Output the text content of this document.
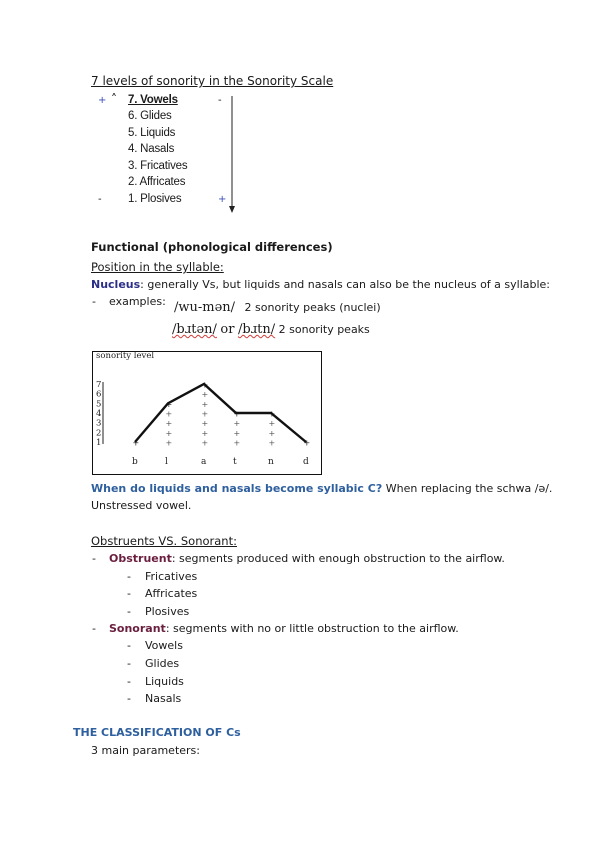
7 levels of sonority in the Sonority Scale
+ ˄	-
7. Vowels
6. Glides
5. Liquids
4. Nasals
3. Fricatives
2. Affricates
1. Plosives
-	+
Functional (phonological differences)
Position in the syllable:
Nucleus: generally Vs, but liquids and nasals can also be the nucleus of a syllable:
- examples: /wu-mən/ 2 sonority peaks (nuclei)
/bɹtən/ or /bɹtn/ 2 sonority peaks
sonority level
7
6
5
4
3
2
1	+	+
+
+
+
+
+
+
+
+
+
+
+
+
+
+
+
+
+
+
+
+
b	l	a	t	n	d
When do liquids and nasals become syllabic C? When replacing the schwa /ə/.
Unstressed vowel.
Obstruents VS. Sonorant:
- Obstruent: segments produced with enough obstruction to the airflow.
- Fricatives
- Affricates
- Plosives
- Sonorant: segments with no or little obstruction to the airflow.
- Vowels
- Glides
- Liquids
- Nasals
THE CLASSIFICATION OF Cs
3 main parameters:
